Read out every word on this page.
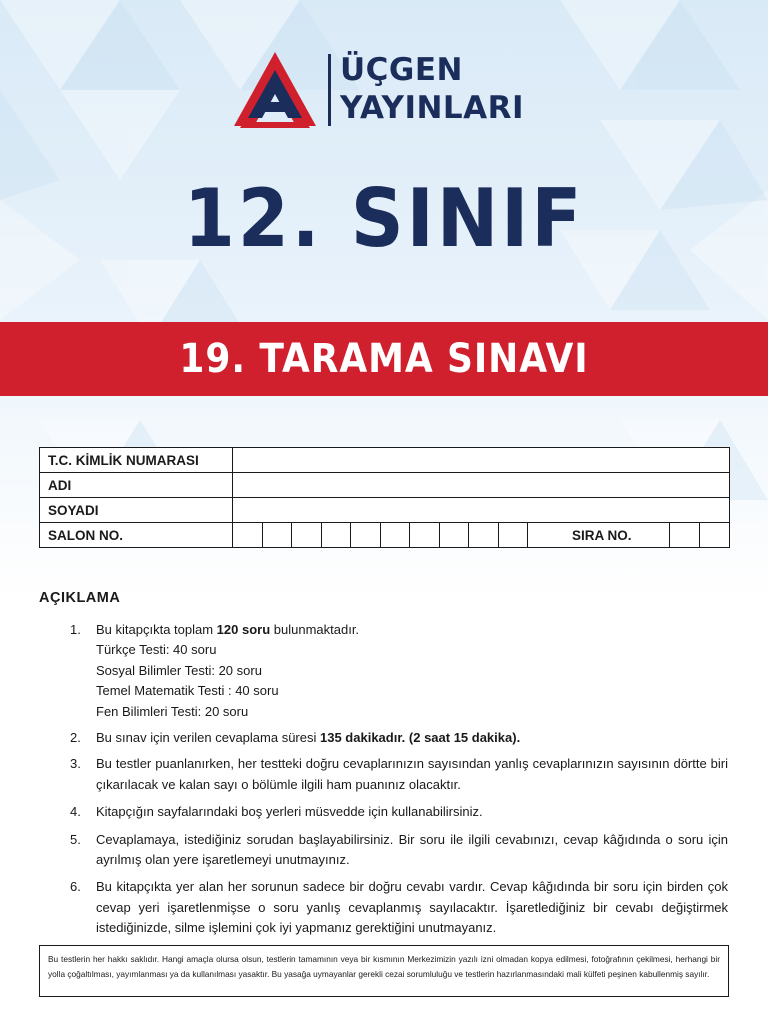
ÜÇGEN
YAYINLARI
12. SINIF
19. TARAMA SINAVI
T.C. KİMLİK NUMARASI													
ADI													
SOYADI													
SALON NO.											SIRA NO.		
AÇIKLAMA
1. Bu kitapçıkta toplam 120 soru bulunmaktadır.
Türkçe Testi: 40 soru
Sosyal Bilimler Testi: 20 soru
Temel Matematik Testi : 40 soru
Fen Bilimleri Testi: 20 soru
2. Bu sınav için verilen cevaplama süresi 135 dakikadır. (2 saat 15 dakika).
3. Bu testler puanlanırken, her testteki doğru cevaplarınızın sayısından yanlış cevaplarınızın sayısının dörtte biri çıkarılacak ve kalan sayı o bölümle ilgili ham puanınız olacaktır.
4. Kitapçığın sayfalarındaki boş yerleri müsvedde için kullanabilirsiniz.
5. Cevaplamaya, istediğiniz sorudan başlayabilirsiniz. Bir soru ile ilgili cevabınızı, cevap kâğıdında o soru için ayrılmış olan yere işaretlemeyi unutmayınız.
6. Bu kitapçıkta yer alan her sorunun sadece bir doğru cevabı vardır. Cevap kâğıdında bir soru için birden çok cevap yeri işaretlenmişse o soru yanlış cevaplanmış sayılacaktır. İşaretlediğiniz bir cevabı değiştirmek istediğinizde, silme işlemini çok iyi yapmanız gerektiğini unutmayanız.
Bu testlerin her hakkı saklıdır. Hangi amaçla olursa olsun, testlerin tamamının veya bir kısmının Merkezimizin yazılı izni olmadan kopya edilmesi, fotoğrafının çekilmesi, herhangi bir yolla çoğaltılması, yayımlanması ya da kullanılması yasaktır. Bu yasağa uymayanlar gerekli cezai sorumluluğu ve testlerin hazırlanmasındaki mali külfeti peşinen kabullenmiş sayılır.
